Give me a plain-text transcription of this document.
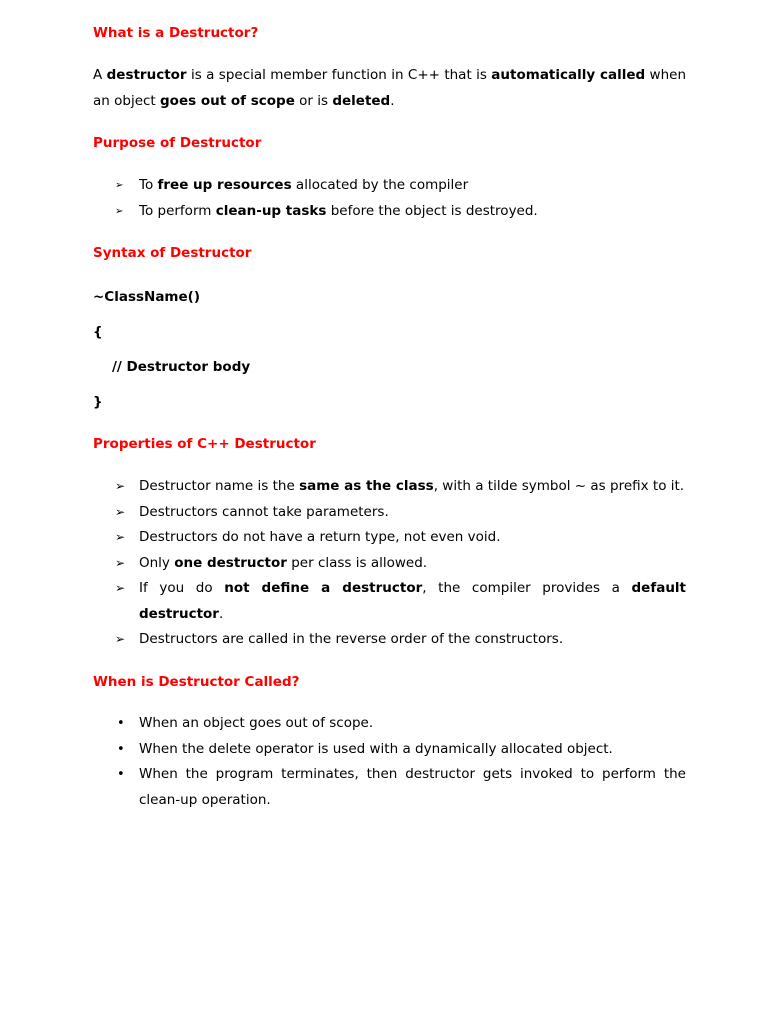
What is a Destructor?
A destructor is a special member function in C++ that is automatically called when an object goes out of scope or is deleted.
Purpose of Destructor
➢ To free up resources allocated by the compiler
➢ To perform clean-up tasks before the object is destroyed.
Syntax of Destructor
~ClassName()
{
// Destructor body
}
Properties of C++ Destructor
➢ Destructor name is the same as the class, with a tilde symbol ~ as prefix to it.
➢ Destructors cannot take parameters.
➢ Destructors do not have a return type, not even void.
➢ Only one destructor per class is allowed.
➢ If you do not define a destructor, the compiler provides a default destructor.
➢ Destructors are called in the reverse order of the constructors.
When is Destructor Called?
• When an object goes out of scope.
• When the delete operator is used with a dynamically allocated object.
• When the program terminates, then destructor gets invoked to perform the clean-up operation.
